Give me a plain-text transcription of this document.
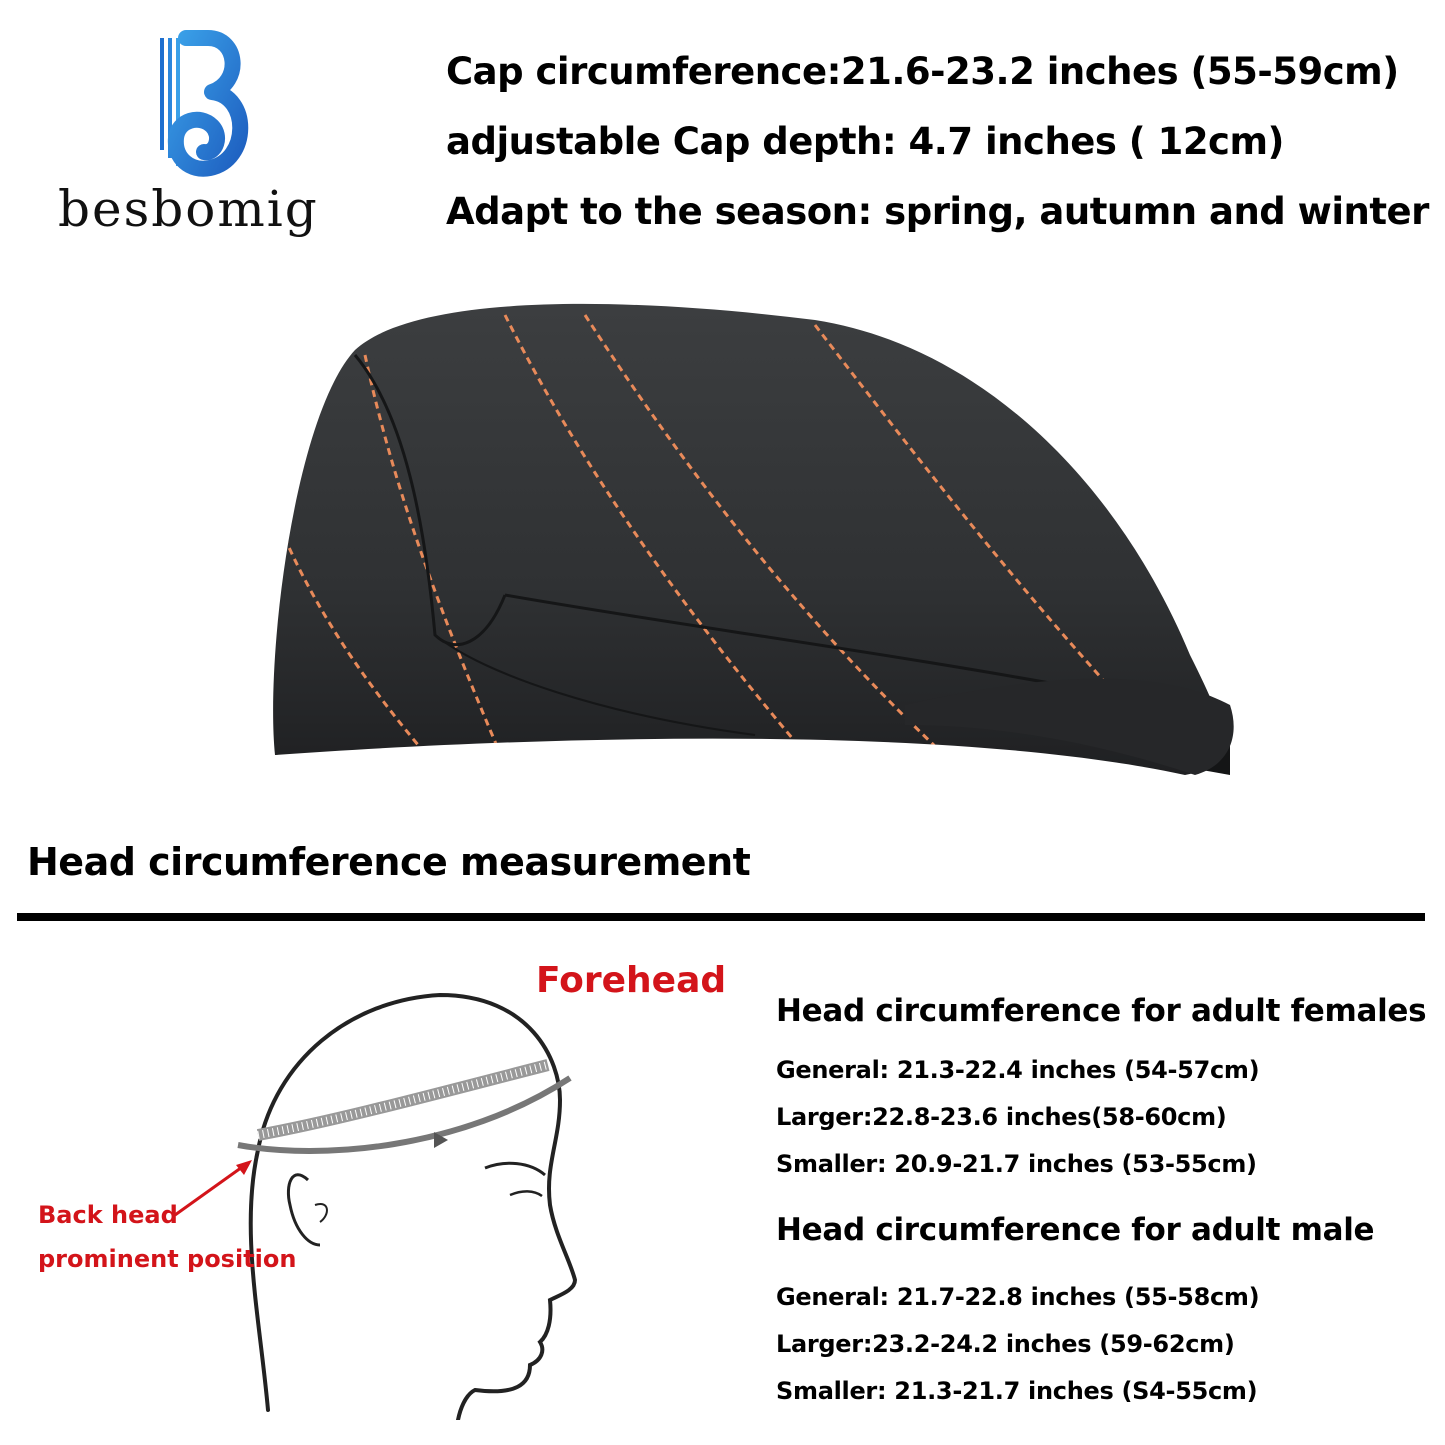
besbomig
Cap circumference:21.6-23.2 inches (55-59cm)
adjustable Cap depth: 4.7 inches ( 12cm)
Adapt to the season: spring, autumn and winter
Head circumference measurement
Forehead
Back head
prominent position
Head circumference for adult females
General: 21.3-22.4 inches (54-57cm)
Larger:22.8-23.6 inches(58-60cm)
Smaller: 20.9-21.7 inches (53-55cm)
Head circumference for adult male
General: 21.7-22.8 inches (55-58cm)
Larger:23.2-24.2 inches (59-62cm)
Smaller: 21.3-21.7 inches (S4-55cm)
